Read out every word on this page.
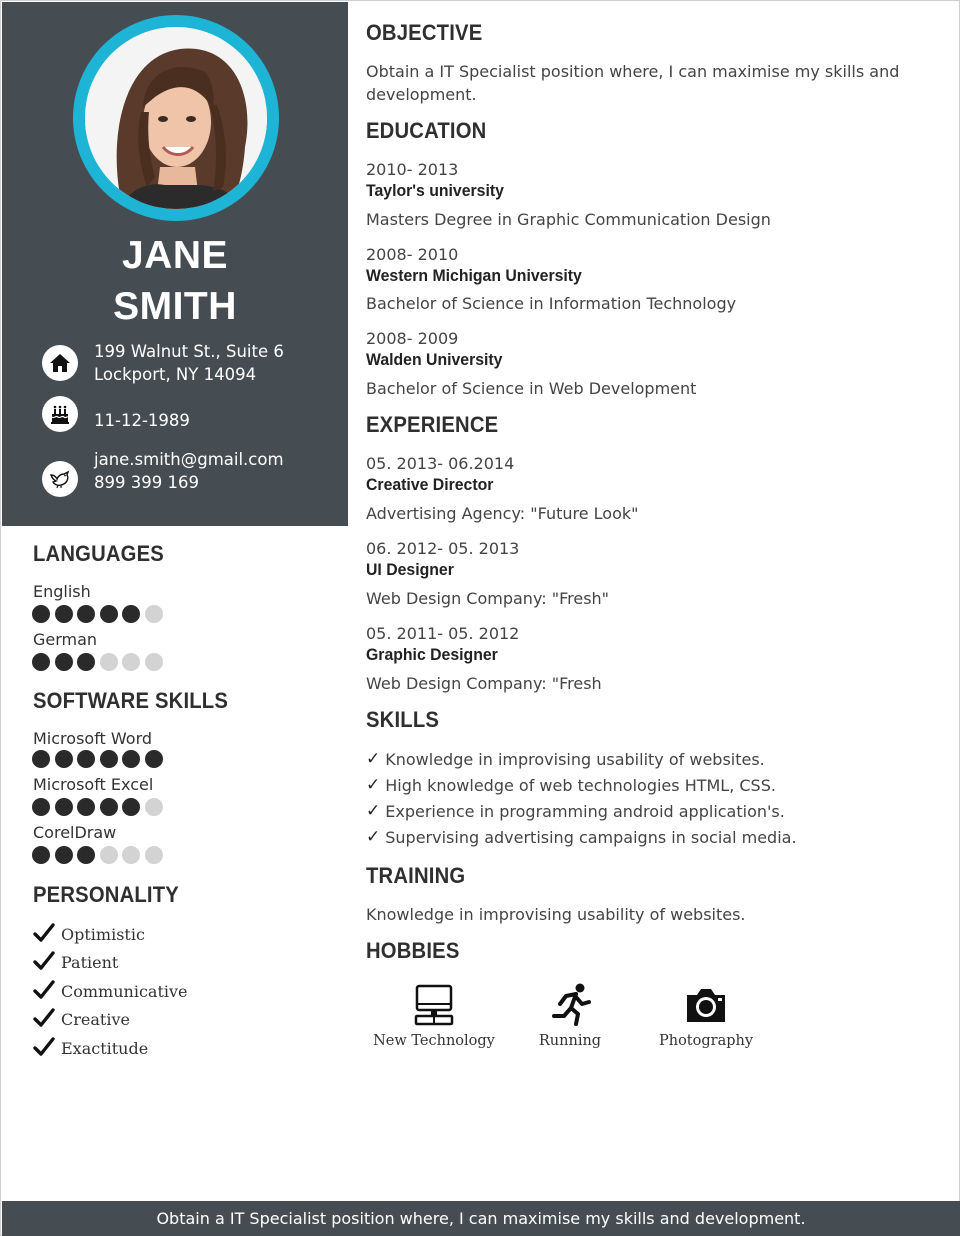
JANE
SMITH
199 Walnut St., Suite 6
Lockport, NY 14094
11-12-1989
jane.smith@gmail.com
899 399 169
LANGUAGES
English
German
SOFTWARE SKILLS
Microsoft Word
Microsoft Excel
CorelDraw
PERSONALITY
Optimistic
Patient
Communicative
Creative
Exactitude
OBJECTIVE
Obtain a IT Specialist position where, I can maximise my skills and
development.
EDUCATION
2010- 2013
Taylor's university
Masters Degree in Graphic Communication Design
2008- 2010
Western Michigan University
Bachelor of Science in Information Technology
2008- 2009
Walden University
Bachelor of Science in Web Development
EXPERIENCE
05. 2013- 06.2014
Creative Director
Advertising Agency: "Future Look"
06. 2012- 05. 2013
UI Designer
Web Design Company: "Fresh"
05. 2011- 05. 2012
Graphic Designer
Web Design Company: "Fresh
SKILLS
✓ Knowledge in improvising usability of websites.
✓ High knowledge of web technologies HTML, CSS.
✓ Experience in programming android application's.
✓ Supervising advertising campaigns in social media.
TRAINING
Knowledge in improvising usability of websites.
HOBBIES
New Technology	Running	Photography
Obtain a IT Specialist position where, I can maximise my skills and development.
